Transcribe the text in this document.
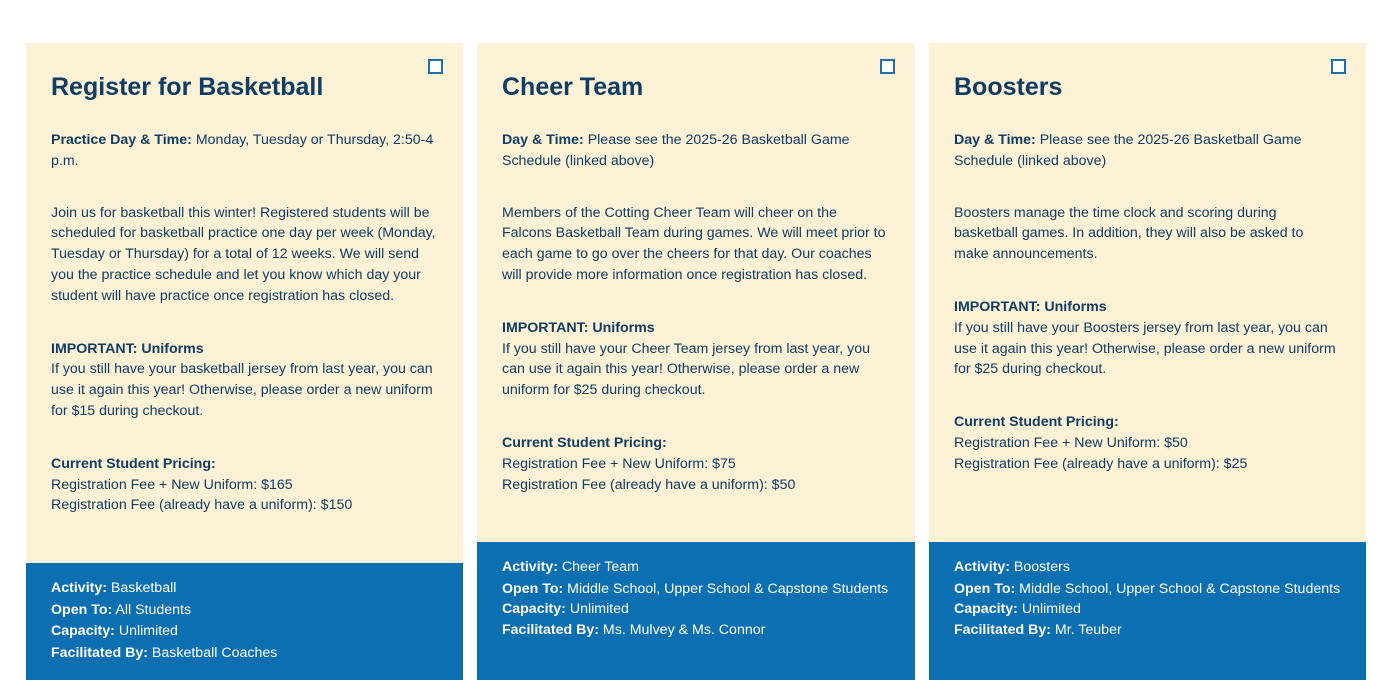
Register for Basketball
Practice Day & Time: Monday, Tuesday or Thursday, 2:50-4 p.m.
Join us for basketball this winter! Registered students will be scheduled for basketball practice one day per week (Monday, Tuesday or Thursday) for a total of 12 weeks. We will send you the practice schedule and let you know which day your student will have practice once registration has closed.
IMPORTANT: Uniforms
If you still have your basketball jersey from last year, you can use it again this year! Otherwise, please order a new uniform for $15 during checkout.
Current Student Pricing:
Registration Fee + New Uniform: $165
Registration Fee (already have a uniform): $150
Activity: Basketball
Open To: All Students
Capacity: Unlimited
Facilitated By: Basketball Coaches
Cheer Team
Day & Time: Please see the 2025-26 Basketball Game Schedule (linked above)
Members of the Cotting Cheer Team will cheer on the Falcons Basketball Team during games. We will meet prior to each game to go over the cheers for that day. Our coaches will provide more information once registration has closed.
IMPORTANT: Uniforms
If you still have your Cheer Team jersey from last year, you can use it again this year! Otherwise, please order a new uniform for $25 during checkout.
Current Student Pricing:
Registration Fee + New Uniform: $75
Registration Fee (already have a uniform): $50
Activity: Cheer Team
Open To: Middle School, Upper School & Capstone Students
Capacity: Unlimited
Facilitated By: Ms. Mulvey & Ms. Connor
Boosters
Day & Time: Please see the 2025-26 Basketball Game Schedule (linked above)
Boosters manage the time clock and scoring during basketball games. In addition, they will also be asked to make announcements.
IMPORTANT: Uniforms
If you still have your Boosters jersey from last year, you can use it again this year! Otherwise, please order a new uniform for $25 during checkout.
Current Student Pricing:
Registration Fee + New Uniform: $50
Registration Fee (already have a uniform): $25
Activity: Boosters
Open To: Middle School, Upper School & Capstone Students
Capacity: Unlimited
Facilitated By: Mr. Teuber
